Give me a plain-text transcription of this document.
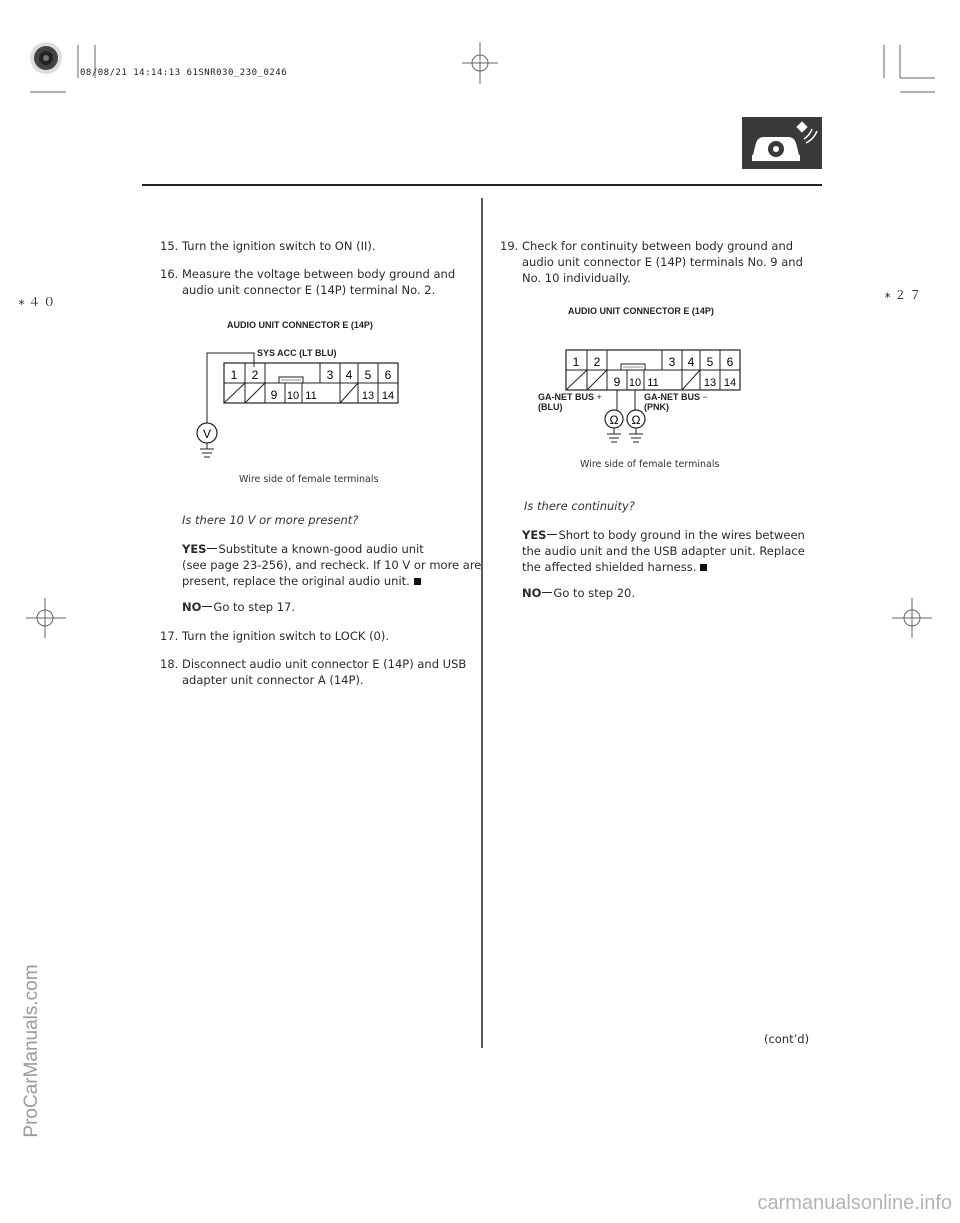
08/08/21 14:14:13 61SNR030_230_0246
∗４０	∗２７
15. Turn the ignition switch to ON (II).
16. Measure the voltage between body ground and
audio unit connector E (14P) terminal No. 2.
AUDIO UNIT CONNECTOR E (14P)
SYS ACC (LT BLU)
1 2	3 4 5 6
9 10 11	13 14
V
Wire side of female terminals
Is there 10 V or more present?
YES Substitute a known-good audio unit
(see page 23-256), and recheck. If 10 V or more are
present, replace the original audio unit.
NO Go to step 17.
17. Turn the ignition switch to LOCK (0).
18. Disconnect audio unit connector E (14P) and USB
adapter unit connector A (14P).
19. Check for continuity between body ground and
audio unit connector E (14P) terminals No. 9 and
No. 10 individually.
AUDIO UNIT CONNECTOR E (14P)
1 2	3 4 5 6
9 10 11	13 14
Ω Ω
GA-NET BUS +
(BLU)
GA-NET BUS −
(PNK)
Wire side of female terminals
Is there continuity?
YES Short to body ground in the wires between
the audio unit and the USB adapter unit. Replace
the affected shielded harness.
NO Go to step 20.
(cont’d)
ProCarManuals.com
carmanualsonline.info
